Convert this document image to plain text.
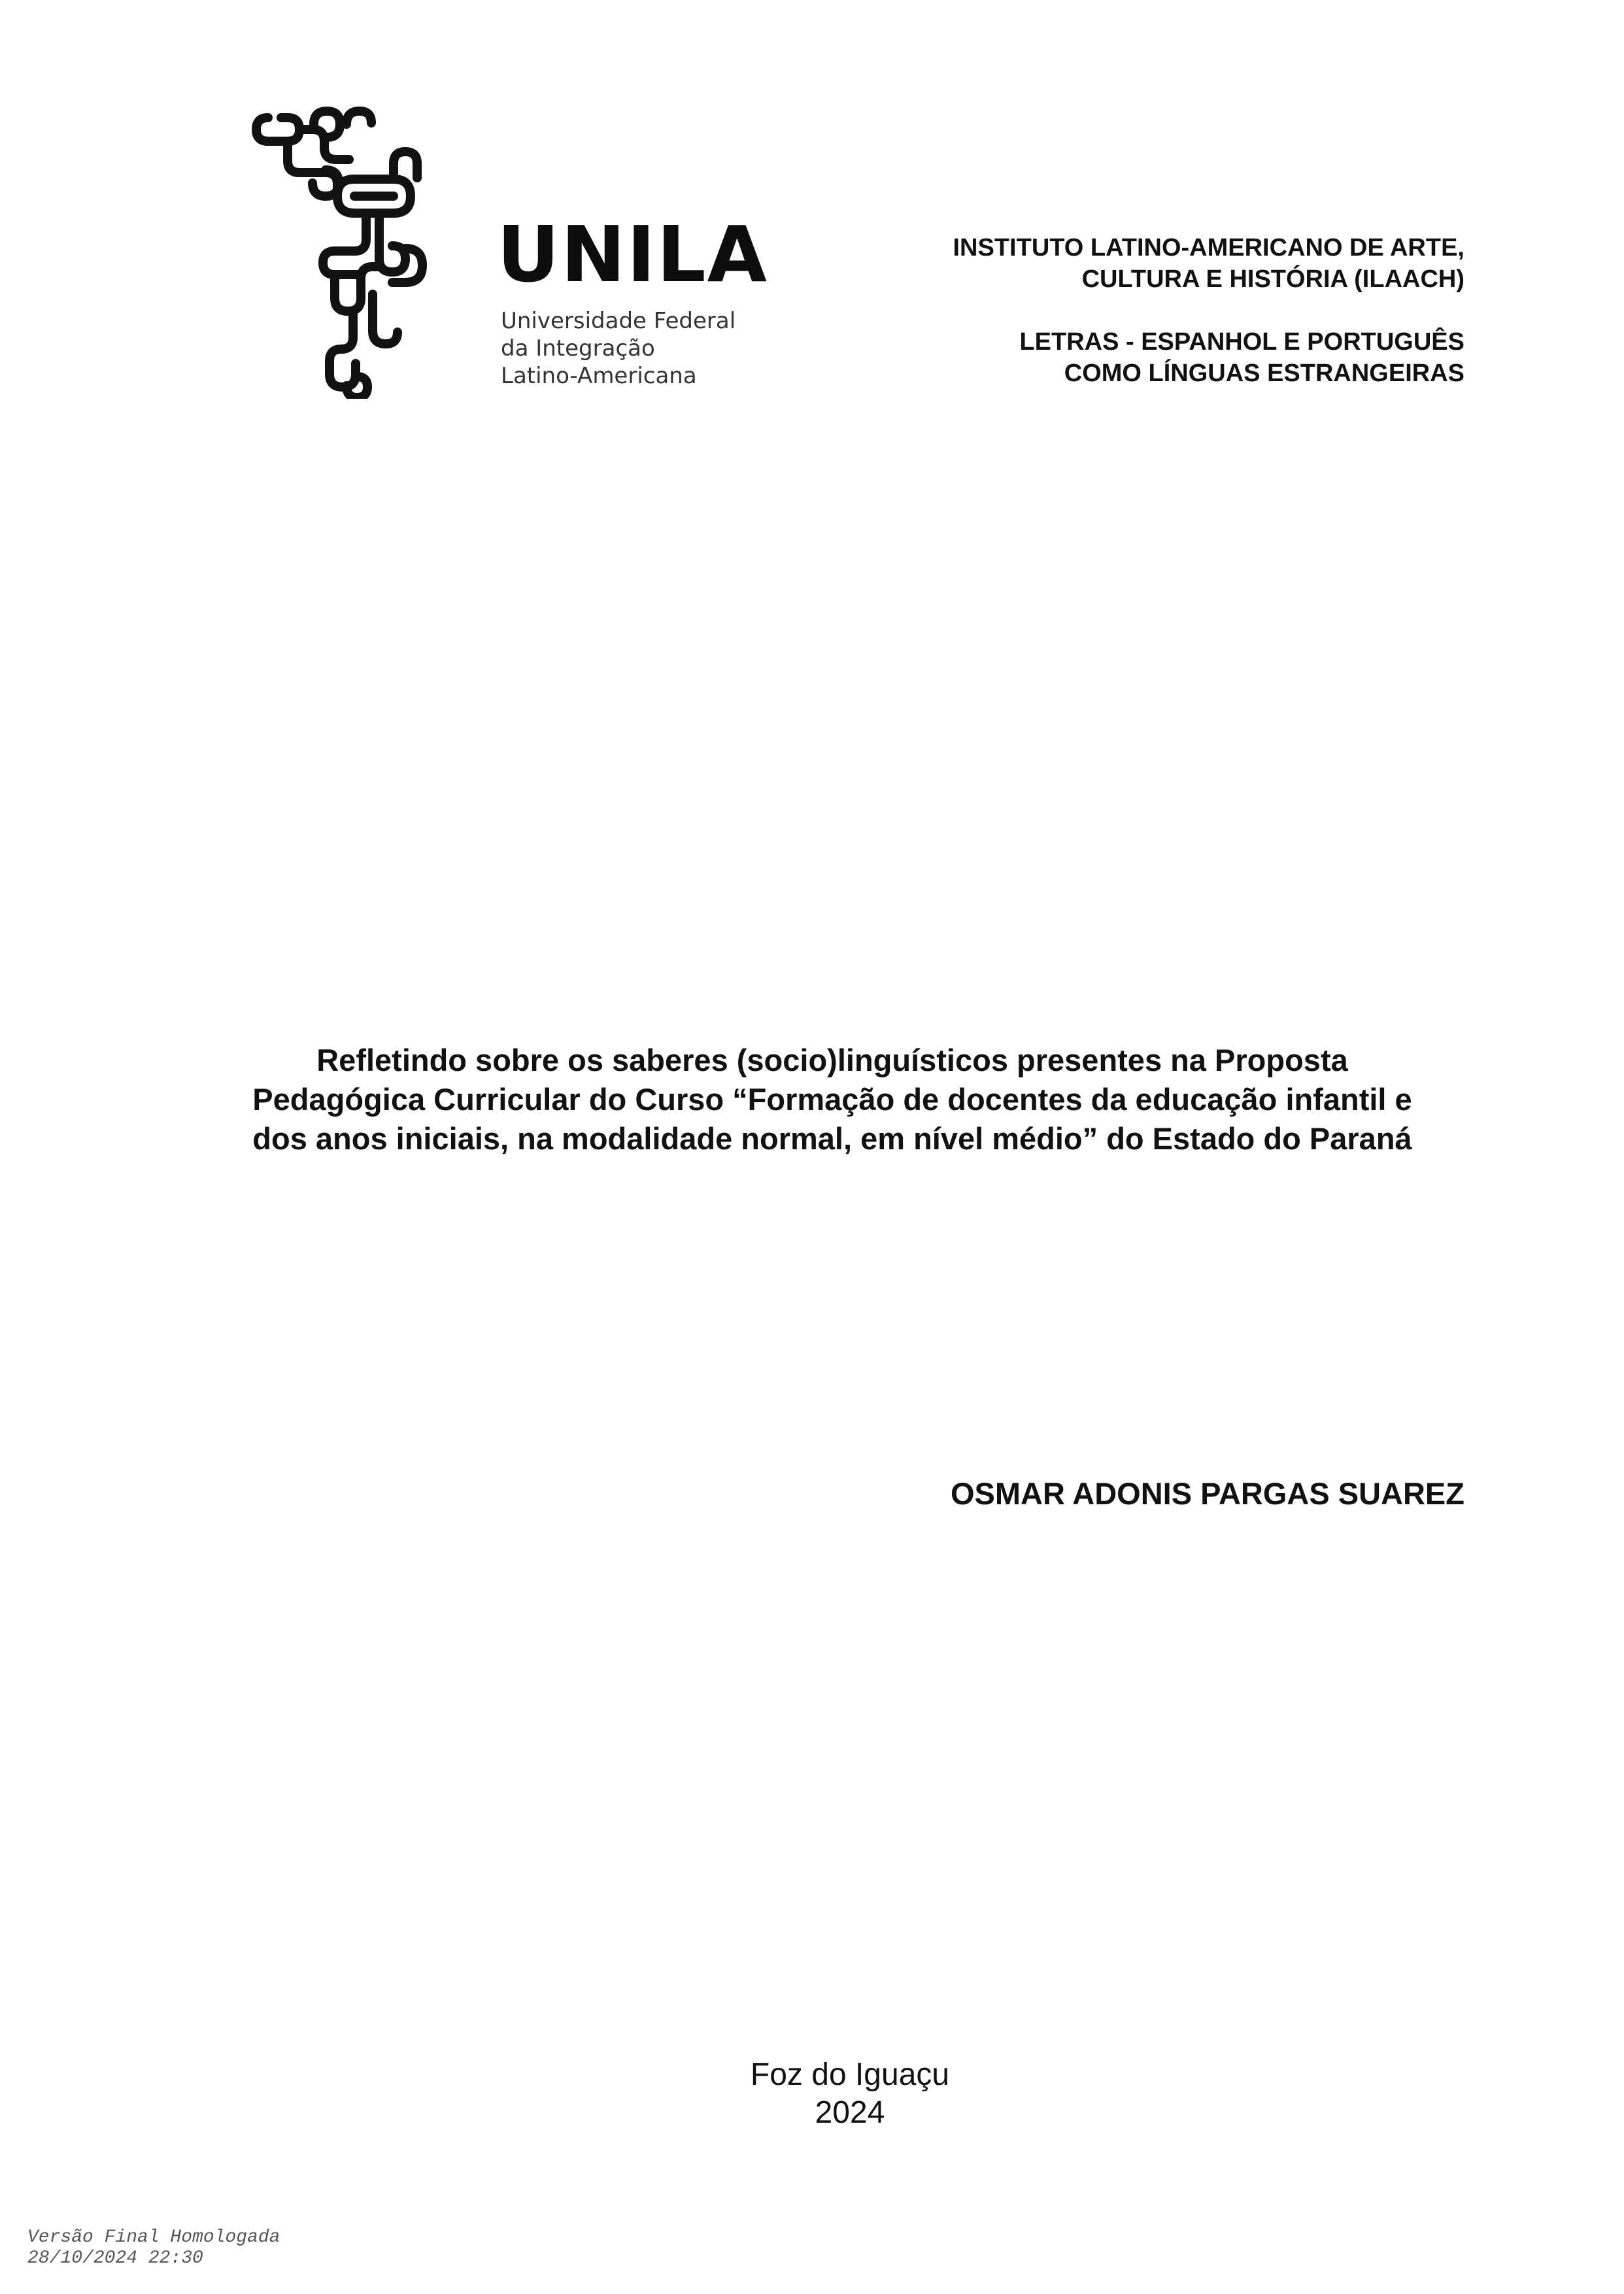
UNILA
Universidade Federal
da Integração
Latino-Americana
INSTITUTO LATINO-AMERICANO DE ARTE,
CULTURA E HISTÓRIA (ILAACH)
LETRAS - ESPANHOL E PORTUGUÊS
COMO LÍNGUAS ESTRANGEIRAS
Refletindo sobre os saberes (socio)linguísticos presentes na Proposta
Pedagógica Curricular do Curso “Formação de docentes da educação infantil e
dos anos iniciais, na modalidade normal, em nível médio” do Estado do Paraná
OSMAR ADONIS PARGAS SUAREZ
Foz do Iguaçu
2024
Versão Final Homologada
28/10/2024 22:30
